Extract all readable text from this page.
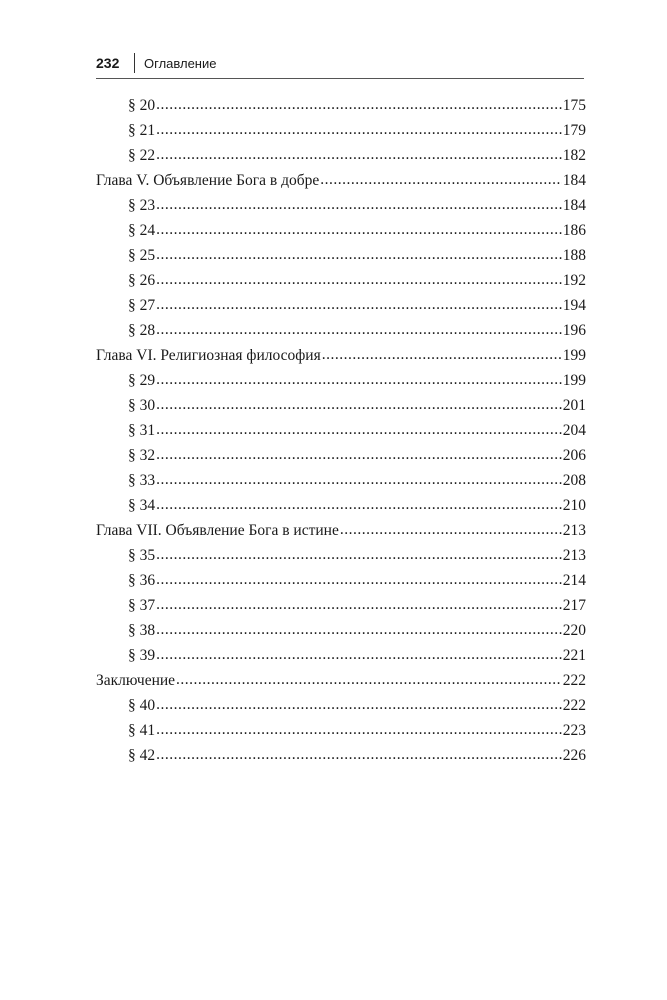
232 Оглавление
§ 20 .....	175
§ 21 .....	179
§ 22 .....	182
Глава V. Объявление Бога в добре .....	184
§ 23 .....	184
§ 24 .....	186
§ 25 .....	188
§ 26 .....	192
§ 27 .....	194
§ 28 .....	196
Глава VI. Религиозная философия .....	199
§ 29 .....	199
§ 30 .....	201
§ 31 .....	204
§ 32 .....	206
§ 33 .....	208
§ 34 .....	210
Глава VII. Объявление Бога в истине .....	213
§ 35 .....	213
§ 36 .....	214
§ 37 .....	217
§ 38 .....	220
§ 39 .....	221
Заключение .....	222
§ 40 .....	222
§ 41 .....	223
§ 42 .....	226
